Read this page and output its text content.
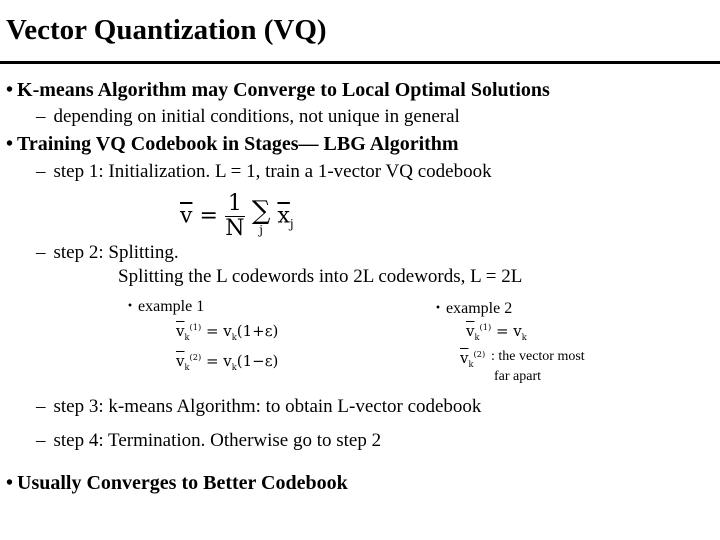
Vector Quantization (VQ)
• K-means Algorithm may Converge to Local Optimal Solutions
– depending on initial conditions, not unique in general
• Training VQ Codebook in Stages— LBG Algorithm
– step 1: Initialization. L = 1, train a 1-vector VQ codebook
$\overline{v} = \frac{1}{N}$
∑
j
$\overline{x}_j$
– step 2: Splitting.
Splitting the L codewords into 2L codewords, L = 2L
・example 1	・example 2
$\overline{v}_k^{(1)} = v_k(1+\varepsilon)$
$\overline{v}_k^{(2)} = v_k(1-\varepsilon)$
$\overline{v}_k^{(1)} = v_k$
$\overline{v}_k^{(2)}$ : the vector most
far apart
– step 3: k-means Algorithm: to obtain L-vector codebook
– step 4: Termination. Otherwise go to step 2
• Usually Converges to Better Codebook
